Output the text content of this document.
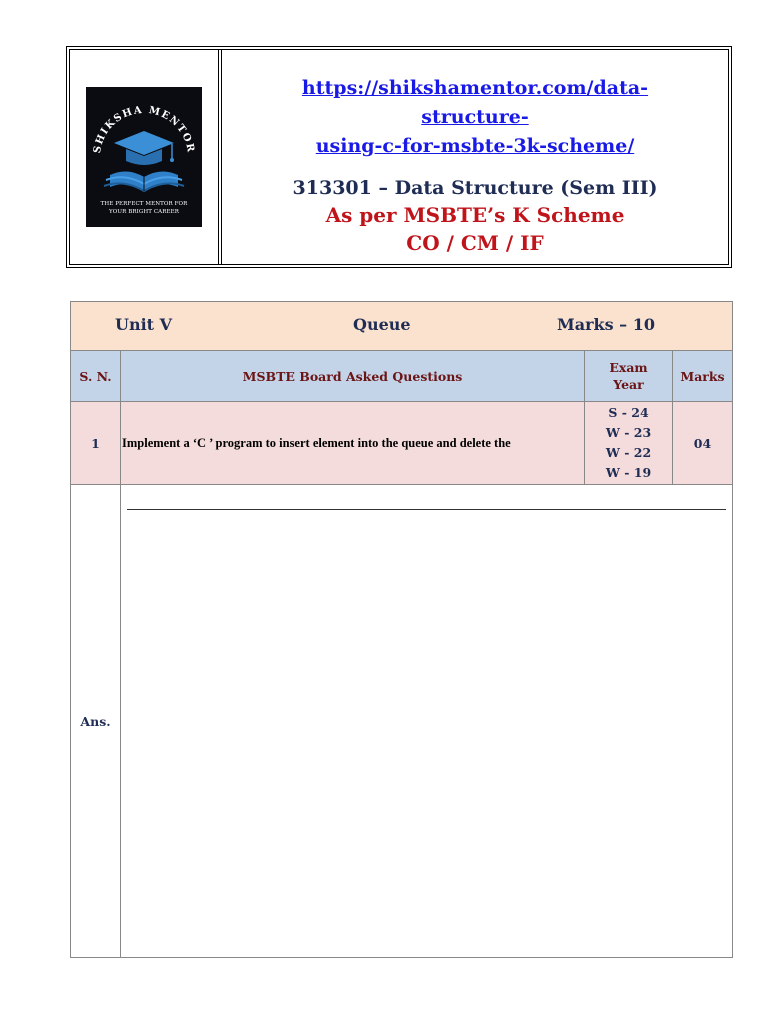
SHIKSHA MENTOR
THE PERFECT MENTOR FOR
YOUR BRIGHT CAREER
https://shikshamentor.com/data-structure-
using-c-for-msbte-3k-scheme/
313301 – Data Structure (Sem III)
As per MSBTE’s K Scheme
CO / CM / IF
Unit V Queue Marks – 10			

S. N.	MSBTE Board Asked Questions	Exam Year	Marks
1	Implement a ‘C ’ program to insert element into the queue and delete the	S - 24
W - 23
W - 22
W - 19	04
Ans.			
